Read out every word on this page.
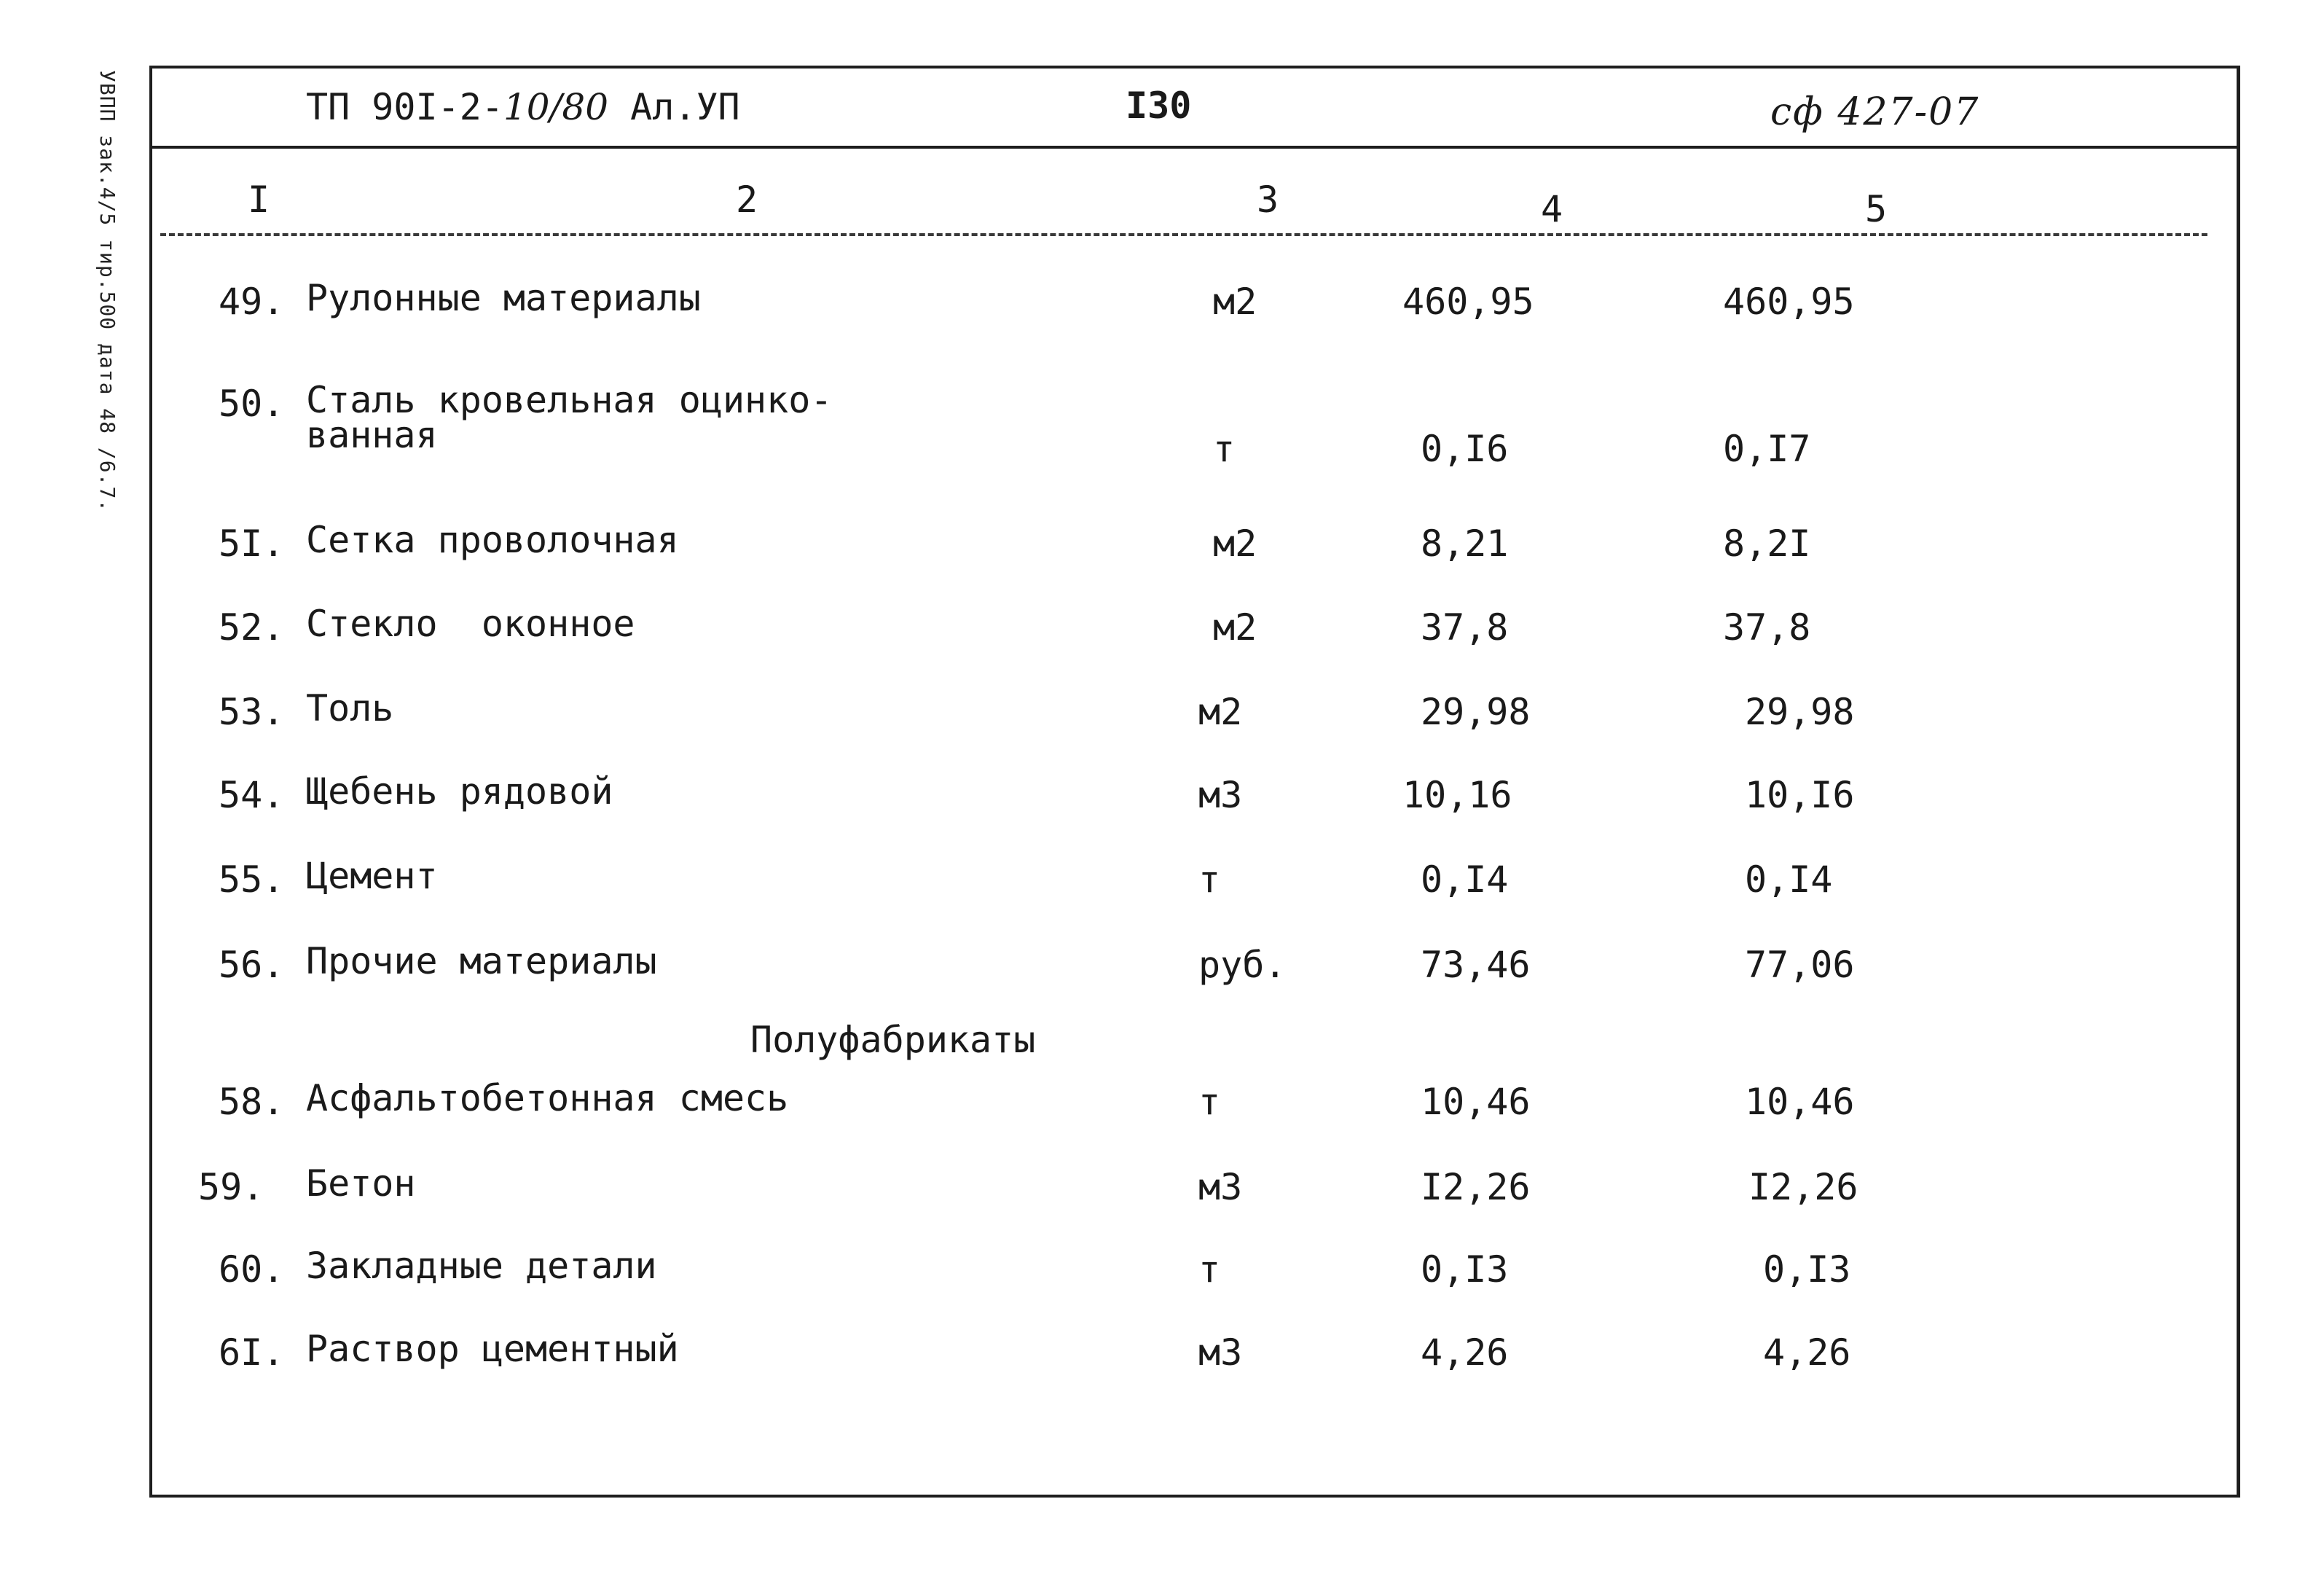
УВПП зак.4/5 тир.500 дата 48 /6.7.	ТП 90I-2-10/80 Ал.УП	I30	сф 427-07
I	2	3	4	5
49. Рулонные материалы	м2	460,95	460,95
50. Сталь кровельная оцинко-
ванная	т	0,I6	0,I7
5I. Сетка проволочная	м2	8,21	8,2I
52. Стекло  оконное	м2	37,8	37,8
53. Толь	м2	29,98	29,98
54. Щебень рядовой	м3	10,16	10,I6
55. Цемент	т	0,I4	0,I4
56. Прочие материалы	руб.	73,46	77,06
Полуфабрикаты
58. Асфальтобетонная смесь	т	10,46	10,46
59. Бетон	м3	I2,26	I2,26
60. Закладные детали	т	0,I3	0,I3
6I. Раствор цементный	м3	4,26	4,26
